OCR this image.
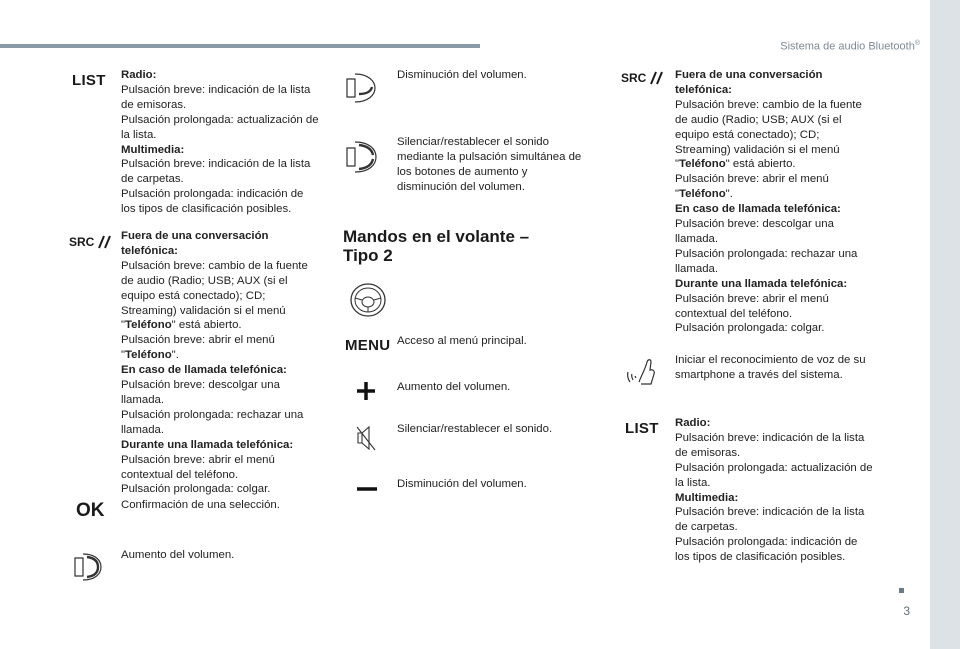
Sistema de audio Bluetooth®
3
LIST Radio:

Pulsación breve: indicación de la lista de emisoras.

Pulsación prolongada: actualización de la lista.

Multimedia:

Pulsación breve: indicación de la lista de carpetas.

Pulsación prolongada: indicación de los tipos de clasificación posibles.

SRC Fuera de una conversación telefónica:

Pulsación breve: cambio de la fuente de audio (Radio; USB; AUX (si el equipo está conectado); CD; Streaming) validación si el menú "Teléfono" está abierto.

Pulsación breve: abrir el menú "Teléfono".

En caso de llamada telefónica:

Pulsación breve: descolgar una llamada.

Pulsación prolongada: rechazar una llamada.

Durante una llamada telefónica:

Pulsación breve: abrir el menú contextual del teléfono.

Pulsación prolongada: colgar.

OK Confirmación de una selección.
Aumento del volumen.
Disminución del volumen.
Silenciar/restablecer el sonido mediante la pulsación simultánea de los botones de aumento y disminución del volumen.
Mandos en el volante –
Tipo 2
MENU Acceso al menú principal.
Aumento del volumen.
Silenciar/restablecer el sonido.
Disminución del volumen.
SRC	Fuera de una conversación telefónica:

Pulsación breve: cambio de la fuente de audio (Radio; USB; AUX (si el equipo está conectado); CD; Streaming) validación si el menú "Teléfono" está abierto.

Pulsación breve: abrir el menú "Teléfono".

En caso de llamada telefónica:

Pulsación breve: descolgar una llamada.

Pulsación prolongada: rechazar una llamada.

Durante una llamada telefónica:

Pulsación breve: abrir el menú contextual del teléfono.

Pulsación prolongada: colgar.

Iniciar el reconocimiento de voz de su smartphone a través del sistema.
LIST Radio:

Pulsación breve: indicación de la lista de emisoras.

Pulsación prolongada: actualización de la lista.

Multimedia:

Pulsación breve: indicación de la lista de carpetas.

Pulsación prolongada: indicación de los tipos de clasificación posibles.
